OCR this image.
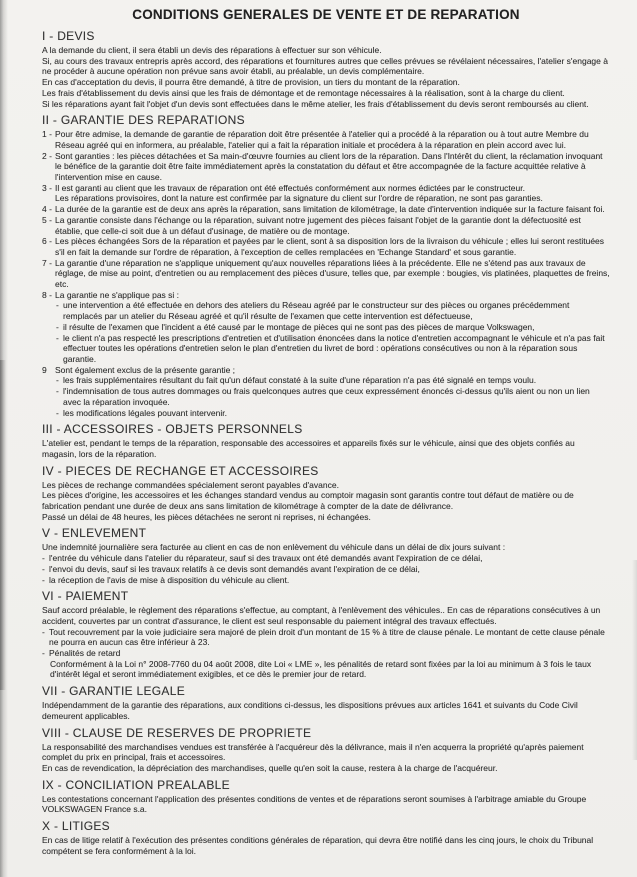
CONDITIONS GENERALES DE VENTE ET DE REPARATION
I - DEVIS
A la demande du client, il sera établi un devis des réparations à effectuer sur son véhicule.
Si, au cours des travaux entrepris après accord, des réparations et fournitures autres que celles prévues se révélaient nécessaires, l'atelier s'engage à ne procéder à aucune opération non prévue sans avoir établi, au préalable, un devis complémentaire.
En cas d'acceptation du devis, il pourra être demandé, à titre de provision, un tiers du montant de la réparation.
Les frais d'établissement du devis ainsi que les frais de démontage et de remontage nécessaires à la réalisation, sont à la charge du client.
Si les réparations ayant fait l'objet d'un devis sont effectuées dans le même atelier, les frais d'établissement du devis seront remboursés au client.
II - GARANTIE DES REPARATIONS
1 - Pour être admise, la demande de garantie de réparation doit être présentée à l'atelier qui a procédé à la réparation ou à tout autre Membre du Réseau agréé qui en informera, au préalable, l'atelier qui a fait la réparation initiale et procédera à la réparation en plein accord avec lui.
2 - Sont garanties : les pièces détachées et Sa main-d'œuvre fournies au client lors de la réparation. Dans l'Intérêt du client, la réclamation invoquant le bénéfice de la garantie doit être faite immédiatement après la constatation du défaut et être accompagnée de la facture acquittée relative à l'intervention mise en cause.
3 - Il est garanti au client que les travaux de réparation ont été effectués conformément aux normes édictées par le constructeur.
Les réparations provisoires, dont la nature est confirmée par la signature du client sur l'ordre de réparation, ne sont pas garanties.
4 - La durée de la garantie est de deux ans après la réparation, sans limitation de kilométrage, la date d'intervention indiquée sur la facture faisant foi.
5 - La garantie consiste dans l'échange ou la réparation, suivant notre jugement des pièces faisant l'objet de la garantie dont la défectuosité est établie, que celle-ci soit due à un défaut d'usinage, de matière ou de montage.
6 - Les pièces échangées Sors de la réparation et payées par le client, sont à sa disposition lors de la livraison du véhicule ; elles lui seront restituées s'il en fait la demande sur l'ordre de réparation, à l'exception de celles remplacées en 'Echange Standard' et sous garantie.
7 - La garantie d'une réparation ne s'applique uniquement qu'aux nouvelles réparations liées à la précédente. Elle ne s'étend pas aux travaux de réglage, de mise au point, d'entretien ou au remplacement des pièces d'usure, telles que, par exemple : bougies, vis platinées, plaquettes de freins, etc.
8 - La garantie ne s'applique pas si :
- une intervention a été effectuée en dehors des ateliers du Réseau agréé par le constructeur sur des pièces ou organes précédemment remplacés par un atelier du Réseau agréé et qu'il résulte de l'examen que cette intervention est défectueuse,
- il résulte de l'examen que l'incident a été causé par le montage de pièces qui ne sont pas des pièces de marque Volkswagen,
- le client n'a pas respecté les prescriptions d'entretien et d'utilisation énoncées dans la notice d'entretien accompagnant le véhicule et n'a pas fait effectuer toutes les opérations d'entretien selon le plan d'entretien du livret de bord : opérations consécutives ou non à la réparation sous garantie.
9 Sont également exclus de la présente garantie ;
- les frais supplémentaires résultant du fait qu'un défaut constaté à la suite d'une réparation n'a pas été signalé en temps voulu.
- l'indemnisation de tous autres dommages ou frais quelconques autres que ceux expressément énoncés ci-dessus qu'ils aient ou non un lien avec la réparation invoquée.
- les modifications légales pouvant intervenir.
III - ACCESSOIRES - OBJETS PERSONNELS
L'atelier est, pendant le temps de la réparation, responsable des accessoires et appareils fixés sur le véhicule, ainsi que des objets confiés au magasin, lors de la réparation.
IV - PIECES DE RECHANGE ET ACCESSOIRES
Les pièces de rechange commandées spécialement seront payables d'avance.
Les pièces d'origine, les accessoires et les échanges standard vendus au comptoir magasin sont garantis contre tout défaut de matière ou de fabrication pendant une durée de deux ans sans limitation de kilométrage à compter de la date de délivrance.
Passé un délai de 48 heures, les pièces détachées ne seront ni reprises, ni échangées.
V - ENLEVEMENT
Une indemnité journalière sera facturée au client en cas de non enlèvement du véhicule dans un délai de dix jours suivant :
- l'entrée du véhicule dans l'atelier du réparateur, sauf si des travaux ont été demandés avant l'expiration de ce délai,
- l'envoi du devis, sauf si les travaux relatifs à ce devis sont demandés avant l'expiration de ce délai,
- la réception de l'avis de mise à disposition du véhicule au client.
VI - PAIEMENT
Sauf accord préalable, le règlement des réparations s'effectue, au comptant, à l'enlèvement des véhicules.. En cas de réparations consécutives à un accident, couvertes par un contrat d'assurance, le client est seul responsable du paiement intégral des travaux effectués.
- Tout recouvrement par la voie judiciaire sera majoré de plein droit d'un montant de 15 % à titre de clause pénale. Le montant de cette clause pénale ne pourra en aucun cas être inférieur à 23.
- Pénalités de retard
Conformément à la Loi n° 2008-7760 du 04 août 2008, dite Loi « LME », les pénalités de retard sont fixées par la loi au minimum à 3 fois le taux d'intérêt légal et seront immédiatement exigibles, et ce dès le premier jour de retard.
VII - GARANTIE LEGALE
Indépendamment de la garantie des réparations, aux conditions ci-dessus, les dispositions prévues aux articles 1641 et suivants du Code Civil demeurent applicables.
VIII - CLAUSE DE RESERVES DE PROPRIETE
La responsabilité des marchandises vendues est transférée à l'acquéreur dès la délivrance, mais il n'en acquerra la propriété qu'après paiement complet du prix en principal, frais et accessoires.
En cas de revendication, la dépréciation des marchandises, quelle qu'en soit la cause, restera à la charge de l'acquéreur.
IX - CONCILIATION PREALABLE
Les contestations concernant l'application des présentes conditions de ventes et de réparations seront soumises à l'arbitrage amiable du Groupe VOLKSWAGEN France s.a.
X - LITIGES
En cas de litige relatif à l'exécution des présentes conditions générales de réparation, qui devra être notifié dans les cinq jours, le choix du Tribunal compétent se fera conformément à la loi.
